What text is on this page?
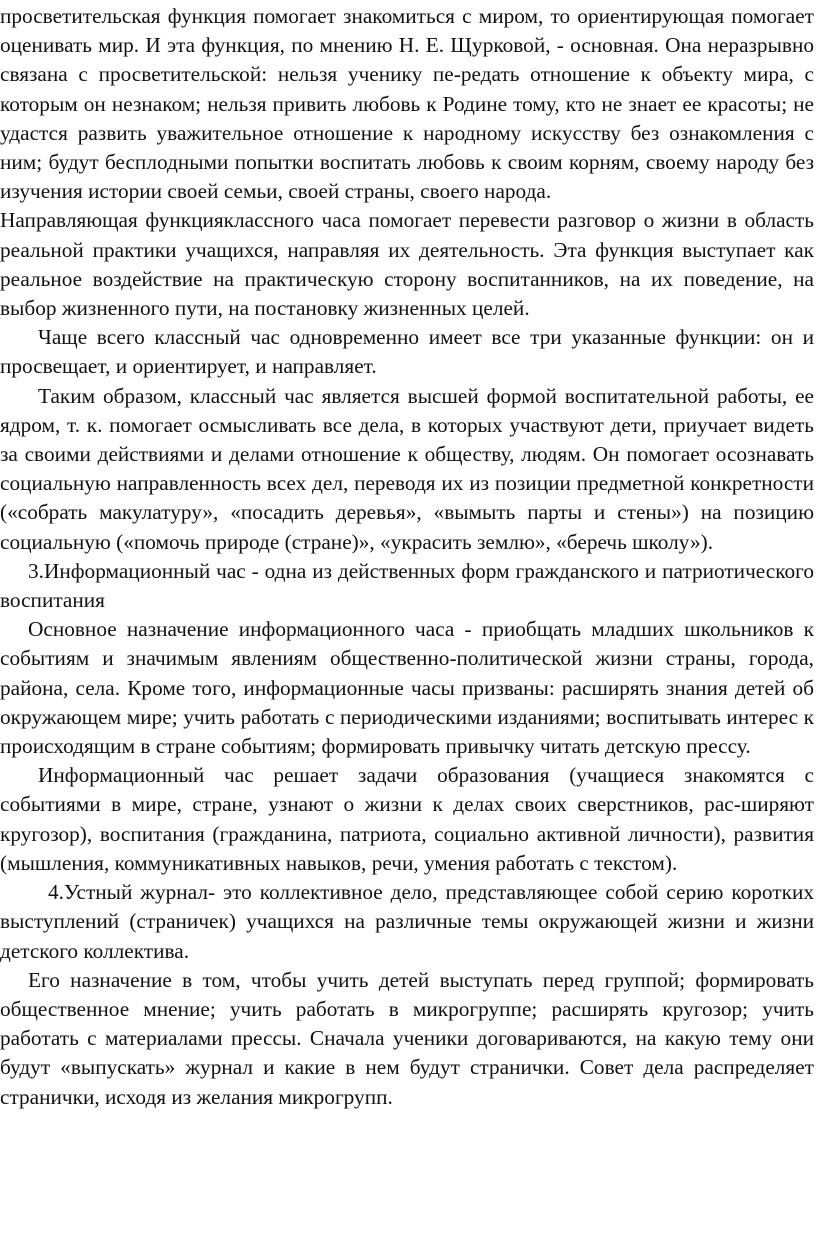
просветительская функция помогает знакомиться с миром, то ориентирующая помогает оценивать мир. И эта функция, по мнению Н. Е. Щурковой, - основная. Она неразрывно связана с просветительской: нельзя ученику пе-редать отношение к объекту мира, с которым он незнаком; нельзя привить любовь к Родине тому, кто не знает ее красоты; не удастся развить уважительное отношение к народному искусству без ознакомления с ним; будут бесплодными попытки воспитать любовь к своим корням, своему народу без изучения истории своей семьи, своей страны, своего народа.

Направляющая функцияклассного часа помогает перевести разговор о жизни в область реальной практики учащихся, направляя их деятельность. Эта функция выступает как реальное воздействие на практическую сторону воспитанников, на их поведение, на выбор жизненного пути, на постановку жизненных целей.

Чаще всего классный час одновременно имеет все три указанные функции: он и просвещает, и ориентирует, и направляет.

Таким образом, классный час является высшей формой воспитательной работы, ее ядром, т. к. помогает осмысливать все дела, в которых участвуют дети, приучает видеть за своими действиями и делами отношение к обществу, людям. Он помогает осознавать социальную направленность всех дел, переводя их из позиции предметной конкретности («собрать макулатуру», «посадить деревья», «вымыть парты и стены») на позицию социальную («помочь природе (стране)», «украсить землю», «беречь школу»).

3.Информационный час - одна из действенных форм гражданского и патриотического воспитания

Основное назначение информационного часа - приобщать младших школьников к событиям и значимым явлениям общественно-политической жизни страны, города, района, села. Кроме того, информационные часы призваны: расширять знания детей об окружающем мире; учить работать с периодическими изданиями; воспитывать интерес к происходящим в стране событиям; формировать привычку читать детскую прессу.

Информационный час решает задачи образования (учащиеся знакомятся с событиями в мире, стране, узнают о жизни к делах своих сверстников, рас-ширяют кругозор), воспитания (гражданина, патриота, социально активной личности), развития (мышления, коммуникативных навыков, речи, умения работать с текстом).

4.Устный журнал- это коллективное дело, представляющее собой серию коротких выступлений (страничек) учащихся на различные темы окружающей жизни и жизни детского коллектива.

Его назначение в том, чтобы учить детей выступать перед группой; формировать общественное мнение; учить работать в микрогруппе; расширять кругозор; учить работать с материалами прессы. Сначала ученики договариваются, на какую тему они будут «выпускать» журнал и какие в нем будут странички. Совет дела распределяет странички, исходя из желания микрогрупп.
